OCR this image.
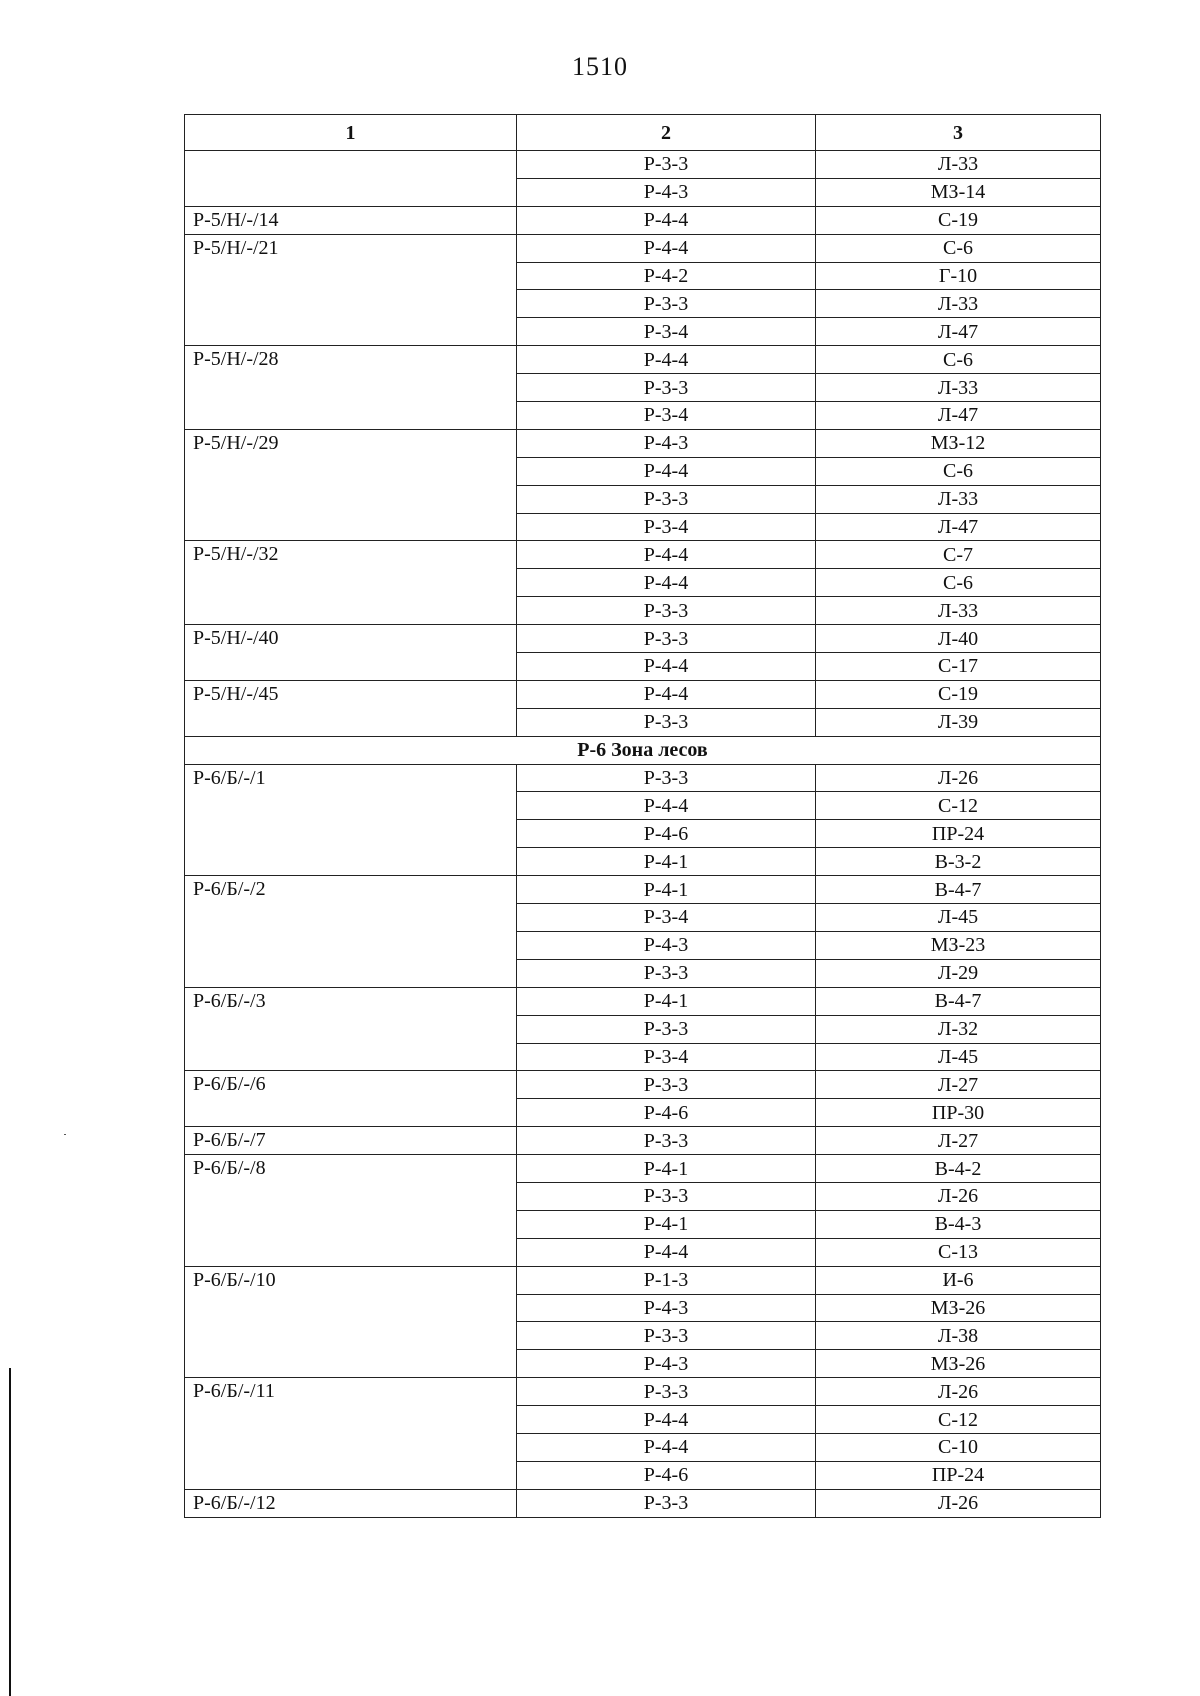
1510
1	2	3
	Р-3-3	Л-33
	Р-4-3	МЗ-14
Р-5/Н/-/14	Р-4-4	С-19
Р-5/Н/-/21	Р-4-4	С-6
	Р-4-2	Г-10
	Р-3-3	Л-33
	Р-3-4	Л-47
Р-5/Н/-/28	Р-4-4	С-6
	Р-3-3	Л-33
	Р-3-4	Л-47
Р-5/Н/-/29	Р-4-3	МЗ-12
	Р-4-4	С-6
	Р-3-3	Л-33
	Р-3-4	Л-47
Р-5/Н/-/32	Р-4-4	С-7
	Р-4-4	С-6
	Р-3-3	Л-33
Р-5/Н/-/40	Р-3-3	Л-40
	Р-4-4	С-17
Р-5/Н/-/45	Р-4-4	С-19
	Р-3-3	Л-39
Р-6 Зона лесов		
Р-6/Б/-/1	Р-3-3	Л-26
	Р-4-4	С-12
	Р-4-6	ПР-24
	Р-4-1	В-3-2
Р-6/Б/-/2	Р-4-1	В-4-7
	Р-3-4	Л-45
	Р-4-3	МЗ-23
	Р-3-3	Л-29
Р-6/Б/-/3	Р-4-1	В-4-7
	Р-3-3	Л-32
	Р-3-4	Л-45
Р-6/Б/-/6	Р-3-3	Л-27
	Р-4-6	ПР-30
Р-6/Б/-/7	Р-3-3	Л-27
Р-6/Б/-/8	Р-4-1	В-4-2
	Р-3-3	Л-26
	Р-4-1	В-4-3
	Р-4-4	С-13
Р-6/Б/-/10	Р-1-3	И-6
	Р-4-3	МЗ-26
	Р-3-3	Л-38
	Р-4-3	МЗ-26
Р-6/Б/-/11	Р-3-3	Л-26
	Р-4-4	С-12
	Р-4-4	С-10
	Р-4-6	ПР-24
Р-6/Б/-/12	Р-3-3	Л-26
